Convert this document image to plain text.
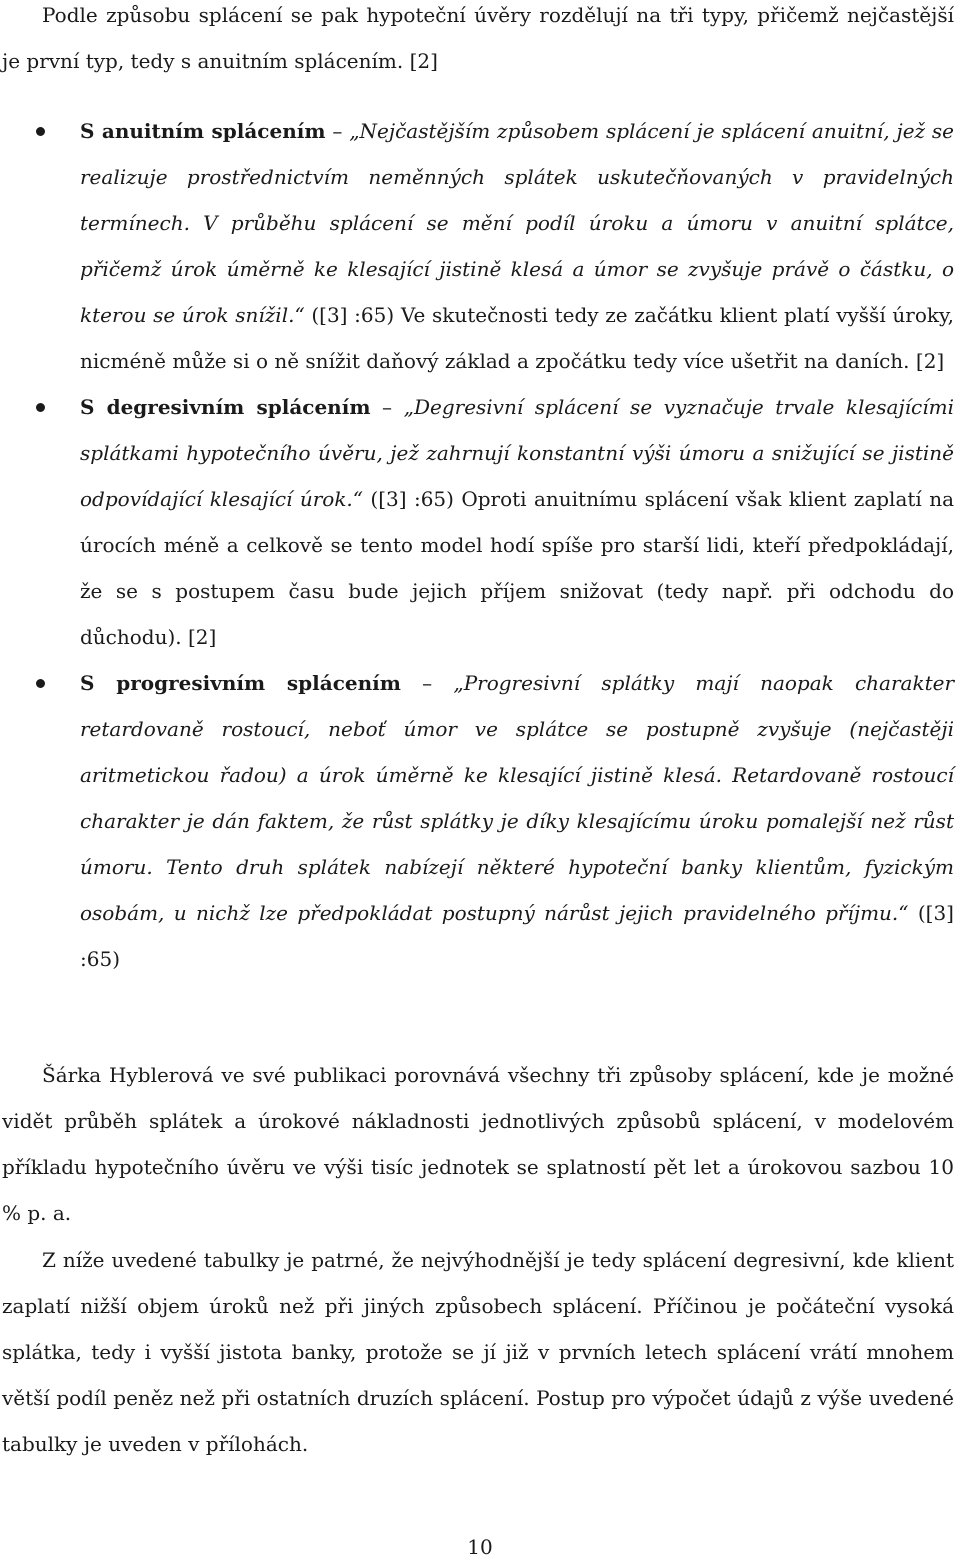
Podle způsobu splácení se pak hypoteční úvěry rozdělují na tři typy, přičemž nejčastější je první typ, tedy s anuitním splácením. [2]

S anuitním splácením – „Nejčastějším způsobem splácení je splácení anuitní, jež se realizuje prostřednictvím neměnných splátek uskutečňovaných v pravidelných termínech. V průběhu splácení se mění podíl úroku a úmoru v anuitní splátce, přičemž úrok úměrně ke klesající jistině klesá a úmor se zvyšuje právě o částku, o kterou se úrok snížil.“ ([3] :65) Ve skutečnosti tedy ze začátku klient platí vyšší úroky, nicméně může si o ně snížit daňový základ a zpočátku tedy více ušetřit na daních. [2]
S degresivním splácením – „Degresivní splácení se vyznačuje trvale klesajícími splátkami hypotečního úvěru, jež zahrnují konstantní výši úmoru a snižující se jistině odpovídající klesající úrok.“ ([3] :65) Oproti anuitnímu splácení však klient zaplatí na úrocích méně a celkově se tento model hodí spíše pro starší lidi, kteří předpokládají, že se s postupem času bude jejich příjem snižovat (tedy např. při odchodu do důchodu). [2]
S progresivním splácením – „Progresivní splátky mají naopak charakter retardovaně rostoucí, neboť úmor ve splátce se postupně zvyšuje (nejčastěji aritmetickou řadou) a úrok úměrně ke klesající jistině klesá. Retardovaně rostoucí charakter je dán faktem, že růst splátky je díky klesajícímu úroku pomalejší než růst úmoru. Tento druh splátek nabízejí některé hypoteční banky klientům, fyzickým osobám, u nichž lze předpokládat postupný nárůst jejich pravidelného příjmu.“ ([3] :65)

Šárka Hyblerová ve své publikaci porovnává všechny tři způsoby splácení, kde je možné vidět průběh splátek a úrokové nákladnosti jednotlivých způsobů splácení, v modelovém příkladu hypotečního úvěru ve výši tisíc jednotek se splatností pět let a úrokovou sazbou 10 % p. a.

Z níže uvedené tabulky je patrné, že nejvýhodnější je tedy splácení degresivní, kde klient zaplatí nižší objem úroků než při jiných způsobech splácení. Příčinou je počáteční vysoká splátka, tedy i vyšší jistota banky, protože se jí již v prvních letech splácení vrátí mnohem větší podíl peněz než při ostatních druzích splácení. Postup pro výpočet údajů z výše uvedené tabulky je uveden v přílohách.

10
